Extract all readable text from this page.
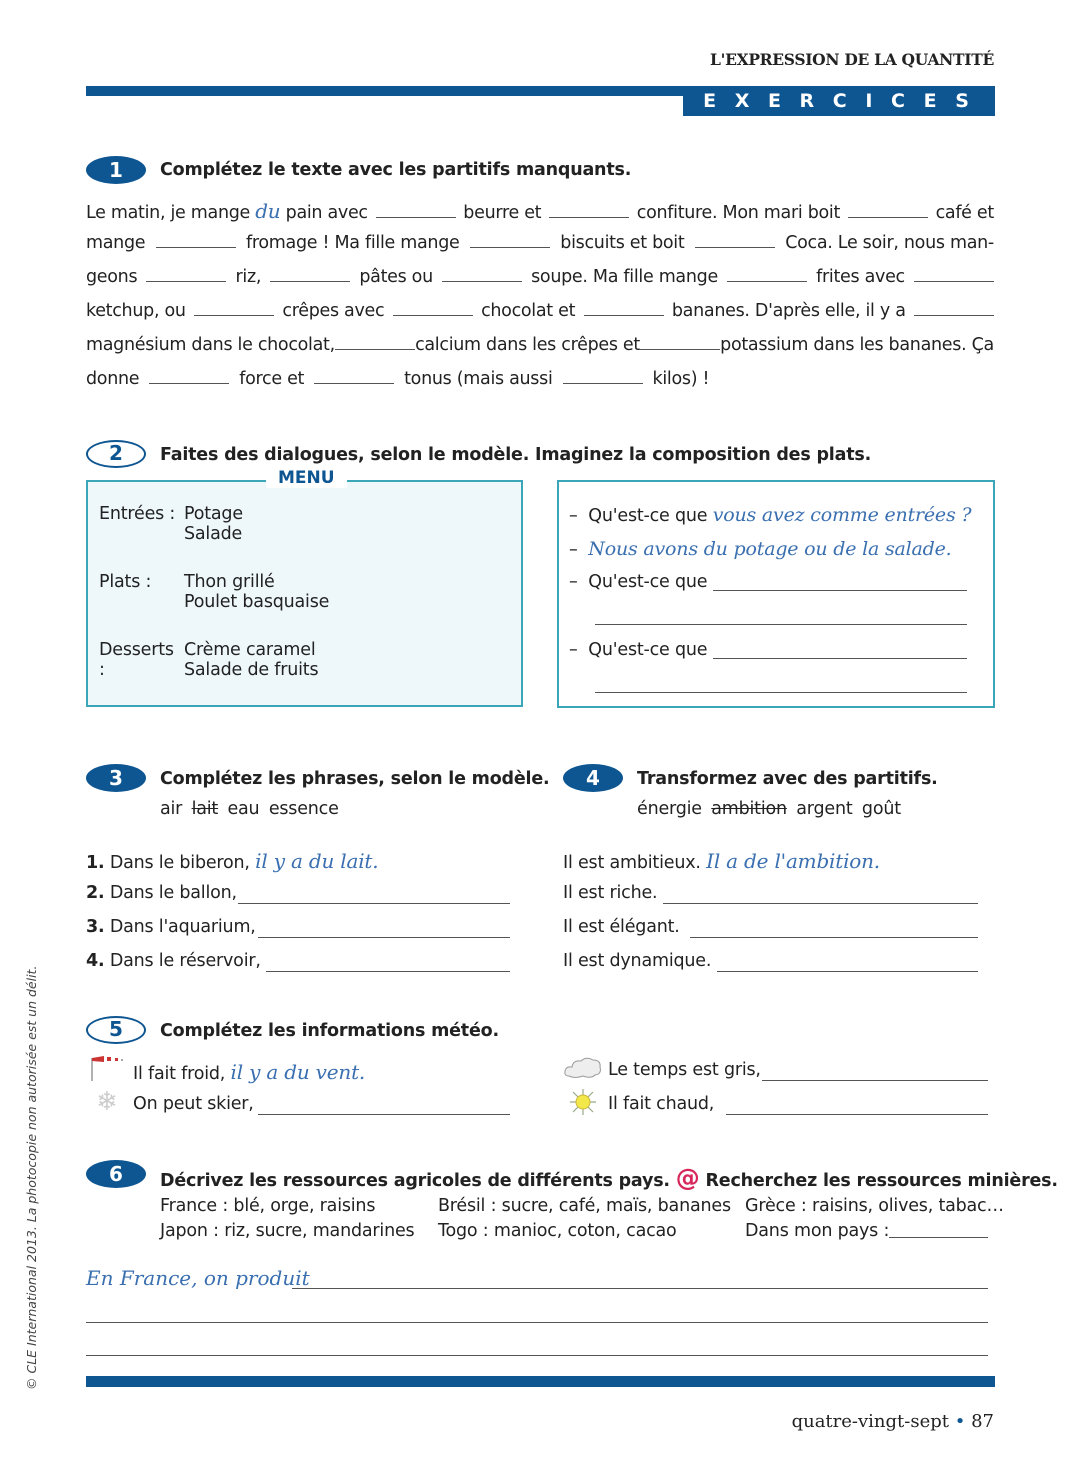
L'EXPRESSION DE LA QUANTITÉ
E X E R C I C E S
1	Complétez le texte avec les partitifs manquants.
Le matin, je mange du pain avec	beurre et	confiture. Mon mari boit	café et
mange	fromage ! Ma fille mange	biscuits et boit	Coca. Le soir, nous man-
geons	riz,	pâtes ou	soupe. Ma fille mange	frites avec
ketchup, ou	crêpes avec	chocolat et	bananes. D'après elle, il y a
magnésium dans le chocolat,	calcium dans les crêpes et	potassium dans les bananes. Ça
donne	force et	tonus (mais aussi	kilos) !
2	Faites des dialogues, selon le modèle. Imaginez la composition des plats.
MENU
Entrées : Potage
Salade
Plats :	Thon grillé
Poulet basquaise
Desserts :
Crème caramel
Salade de fruits
– Qu'est-ce que vous avez comme entrées ?
– Nous avons du potage ou de la salade.
– Qu'est-ce que
– Qu'est-ce que
3	Complétez les phrases, selon le modèle.
air lait eau essence
1. Dans le biberon, il y a du lait.
2. Dans le ballon,
3. Dans l'aquarium,
4. Dans le réservoir,
4	Transformez avec des partitifs.
énergie ambition argent goût
Il est ambitieux. Il a de l'ambition.
Il est riche.
Il est élégant.
Il est dynamique.
5	Complétez les informations météo.
Il fait froid, il y a du vent.
❄ On peut skier,
Le temps est gris,
Il fait chaud,
6	Décrivez les ressources agricoles de différents pays. @ Recherchez les ressources minières.
France : blé, orge, raisins
Japon : riz, sucre, mandarines
Brésil : sucre, café, maïs, bananes
Togo : manioc, coton, cacao
Grèce : raisins, olives, tabac…
Dans mon pays :
En France, on produit
quatre-vingt-sept • 87
© CLE International 2013. La photocopie non autorisée est un délit.
